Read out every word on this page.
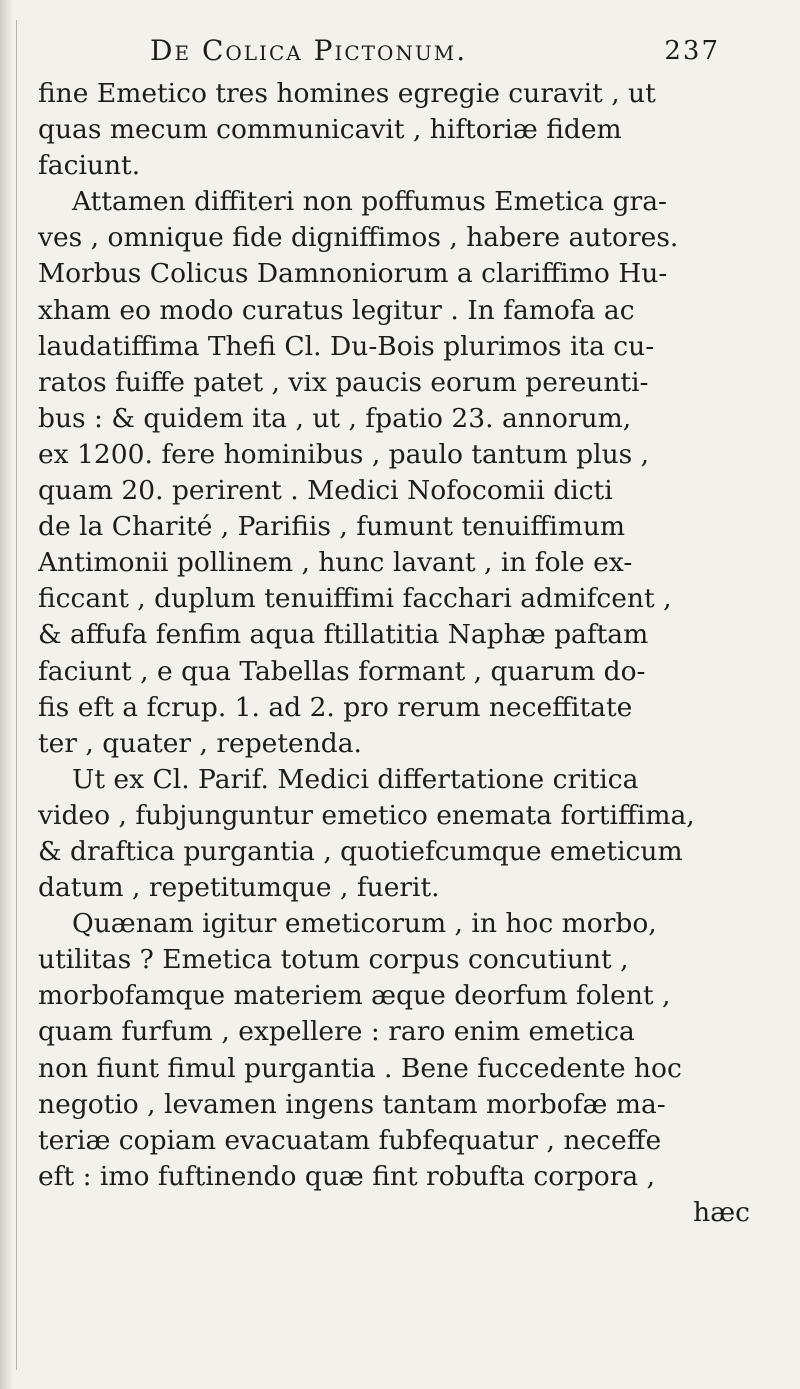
De Colica Pictonum.	237
fine Emetico tres homines egregie curavit , ut
quas mecum communicavit , hiftoriæ fidem
faciunt.
Attamen diffiteri non poffumus Emetica gra-
ves , omnique fide digniffimos , habere autores.
Morbus Colicus Damnoniorum a clariffimo Hu-
xham eo modo curatus legitur . In famofa ac
laudatiffima Thefi Cl. Du-Bois plurimos ita cu-
ratos fuiffe patet , vix paucis eorum pereunti-
bus : & quidem ita , ut , fpatio 23. annorum,
ex 1200. fere hominibus , paulo tantum plus ,
quam 20. perirent . Medici Nofocomii dicti
de la Charité , Parifiis , fumunt tenuiffimum
Antimonii pollinem , hunc lavant , in fole ex-
ficcant , duplum tenuiffimi facchari admifcent ,
& affufa fenfim aqua ftillatitia Naphæ paftam
faciunt , e qua Tabellas formant , quarum do-
fis eft a fcrup. 1. ad 2. pro rerum neceffitate
ter , quater , repetenda.
Ut ex Cl. Parif. Medici differtatione critica
video , fubjunguntur emetico enemata fortiffima,
& draftica purgantia , quotiefcumque emeticum
datum , repetitumque , fuerit.
Quænam igitur emeticorum , in hoc morbo,
utilitas ? Emetica totum corpus concutiunt ,
morbofamque materiem æque deorfum folent ,
quam furfum , expellere : raro enim emetica
non fiunt fimul purgantia . Bene fuccedente hoc
negotio , levamen ingens tantam morbofæ ma-
teriæ copiam evacuatam fubfequatur , neceffe
eft : imo fuftinendo quæ fint robufta corpora ,
hæc
